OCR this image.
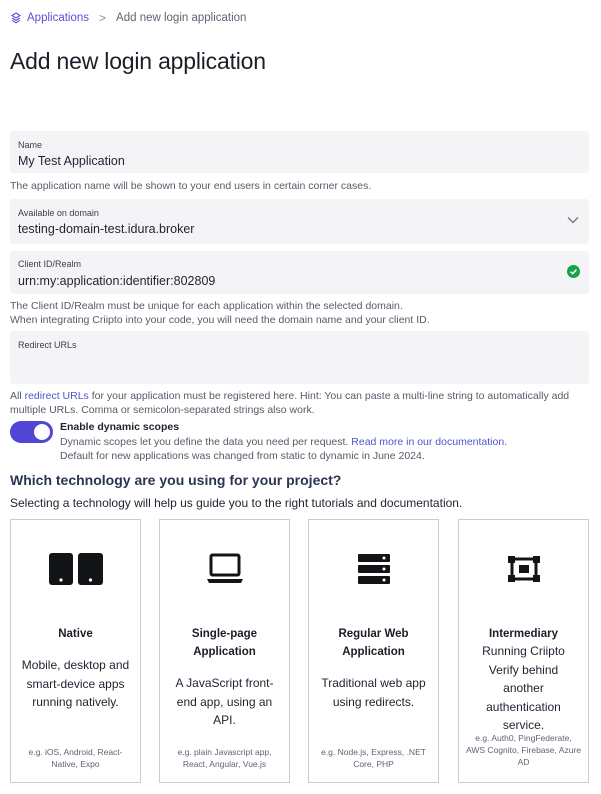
Applications > Add new login application
Add new login application
Name
My Test Application
The application name will be shown to your end users in certain corner cases.
Available on domain
testing-domain-test.idura.broker
Client ID/Realm
urn:my:application:identifier:802809
The Client ID/Realm must be unique for each application within the selected domain.
When integrating Criipto into your code, you will need the domain name and your client ID.
Redirect URLs
All redirect URLs for your application must be registered here. Hint: You can paste a multi-line string to automatically add multiple URLs. Comma or semicolon-separated strings also work.
Enable dynamic scopes
Dynamic scopes let you define the data you need per request. Read more in our documentation.
Default for new applications was changed from static to dynamic in June 2024.
Which technology are you using for your project?

Selecting a technology will help us guide you to the right tutorials and documentation.

Native
Mobile, desktop and smart-device apps running natively.
e.g. iOS, Android, React-Native, Expo
Single-page Application
A JavaScript front-end app, using an API.
e.g. plain Javascript app, React, Angular, Vue.js
Regular Web Application
Traditional web app using redirects.
e.g. Node.js, Express, .NET Core, PHP
Intermediary
Running Criipto Verify behind another authentication service.
e.g. Auth0, PingFederate, AWS Cognito, Firebase, Azure AD
